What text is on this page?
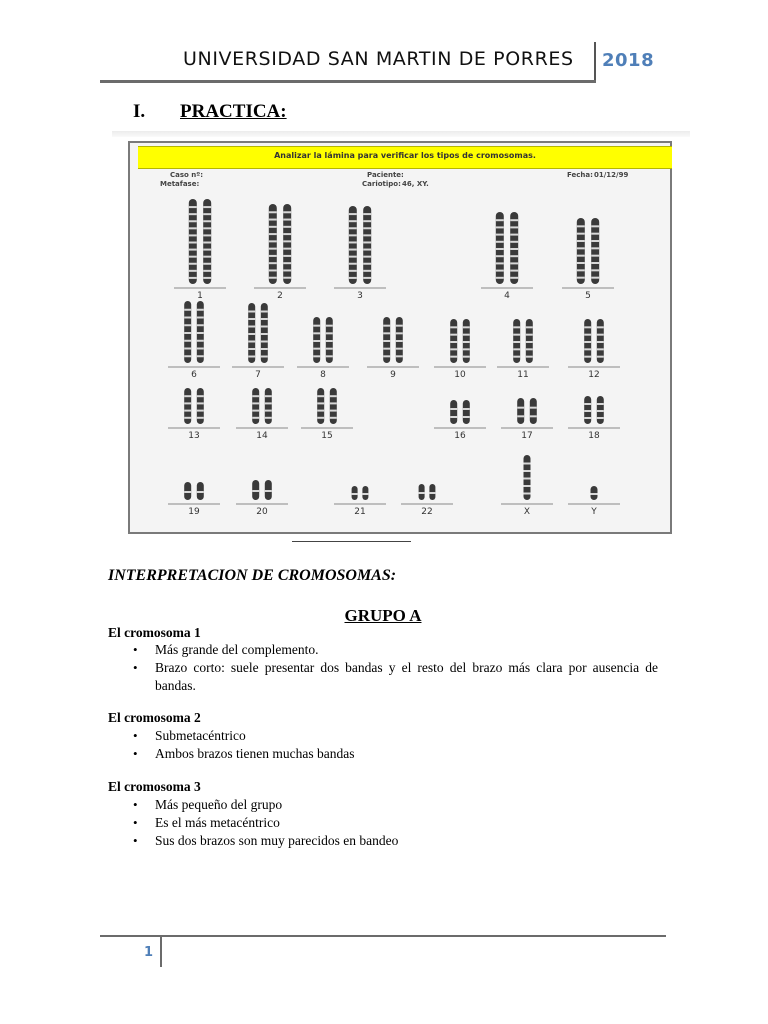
UNIVERSIDAD SAN MARTIN DE PORRES 2018
I. PRACTICA:
Analizar la lámina para verificar los tipos de cromosomas.
Caso nº:
Metafase:
Paciente:
Cariotipo: 46, XY.
Fecha: 01/12/99
1	2	3	4	5
6	7	8	9	10	11	12
13	14	15	16	17	18
19	20	21	22	X	Y
INTERPRETACION DE CROMOSOMAS:
GRUPO A
El cromosoma 1
• Más grande del complemento.
• Brazo corto: suele presentar dos bandas y el resto del brazo más clara por ausencia de bandas.
El cromosoma 2
• Submetacéntrico
• Ambos brazos tienen muchas bandas
El cromosoma 3
• Más pequeño del grupo
• Es el más metacéntrico
• Sus dos brazos son muy parecidos en bandeo
1
